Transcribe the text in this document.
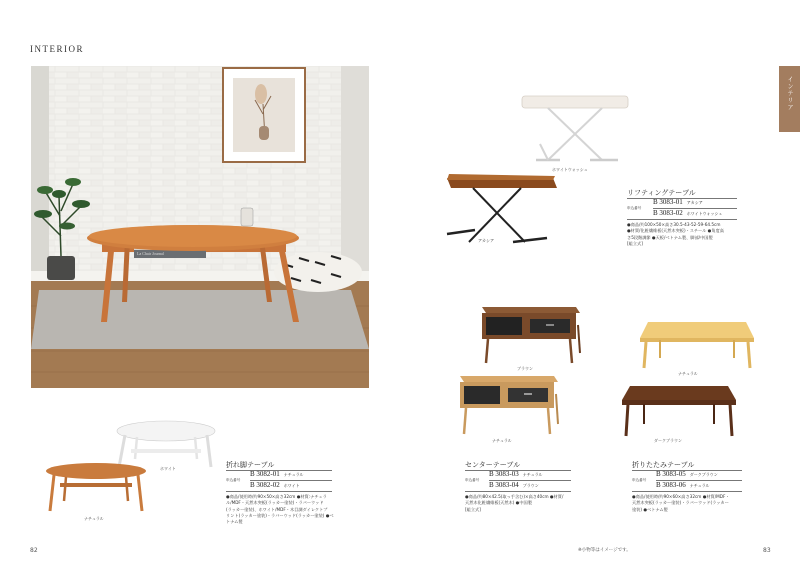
INTERIOR
インテリア
La Chair Journal
ホワイト
ナチュラル
折れ脚テーブル
申込番号
B 3082-01 ナチュラル
B 3082-02 ホワイト
●商品/使用時/約90×50×高さ32cm ●材質:ナチュラ
ル/MDF・天然木突板(ラッカー塗装)・ラバーウッド
(ラッカー塗装)、ホワイト/MDF・木目調ダイレクトプ
リント(ラッカー塗装)・ラバーウッド(ラッカー塗装) ●ベ
トナム製
ホワイトウォッシュ
アカシア
リフティングテーブル
申込番号
B 3083-01 アカシア
B 3083-02 ホワイトウォッシュ
●商品/約100×50×高さ30.5-43-52-59-64.5cm
●材質/化粧繊維板(天然木突板)・スチール ●角度高
さ5段階調節 ●天板/ベトナム製、脚部/中国製
[組立式]
ブラウン
ナチュラル
センターテーブル
申込番号
B 3083-03 ナチュラル
B 3083-04 ブラウン
●商品/約80×42.5(取っ手含む)×高さ40cm ●材質/
天然木化粧繊維板(天然木) ●中国製
[組立式]
ナチュラル
ダークブラウン
折りたたみテーブル
申込番号
B 3083-05 ダークブラウン
B 3083-06 ナチュラル
●商品/使用時/約90×60×高さ32cm ●材質/MDF・
天然木突板(ラッカー塗装)・ラバーウッド(ラッカー
塗装) ●ベトナム製
82	※小物等はイメージです。	83
